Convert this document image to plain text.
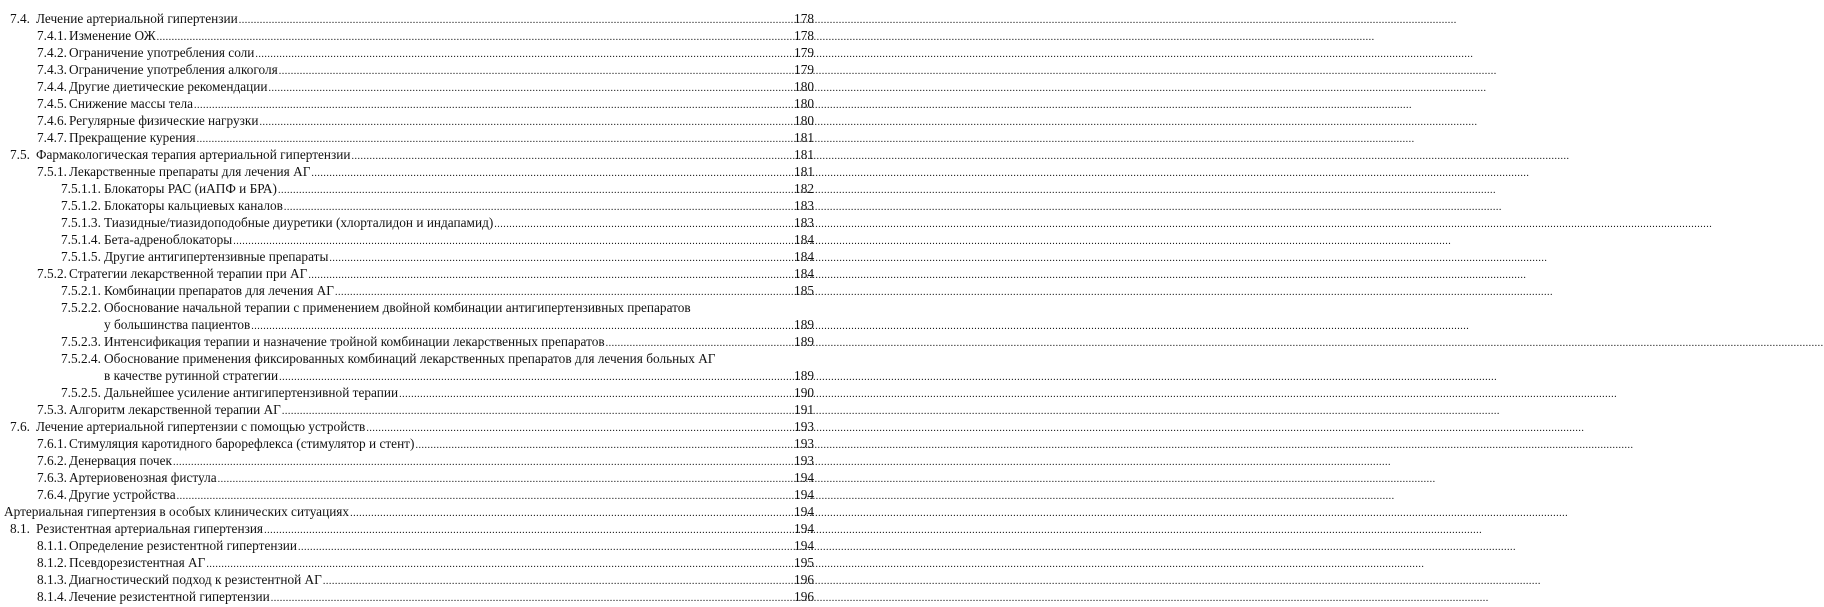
7.4. Лечение артериальной гипертензии .....	178
7.4.1. Изменение ОЖ .....	178
7.4.2. Ограничение употребления соли .....	179
7.4.3. Ограничение употребления алкоголя .....	179
7.4.4. Другие диетические рекомендации .....	180
7.4.5. Снижение массы тела .....	180
7.4.6. Регулярные физические нагрузки .....	180
7.4.7. Прекращение курения .....	181
7.5. Фармакологическая терапия артериальной гипертензии .....	181
7.5.1. Лекарственные препараты для лечения АГ .....	181
7.5.1.1. Блокаторы РАС (иАПФ и БРА) .....	182
7.5.1.2. Блокаторы кальциевых каналов .....	183
7.5.1.3. Тиазидные/тиазидоподобные диуретики (хлорталидон и индапамид) .....	183
7.5.1.4. Бета-адреноблокаторы .....	184
7.5.1.5. Другие антигипертензивные препараты .....	184
7.5.2. Стратегии лекарственной терапии при АГ .....	184
7.5.2.1. Комбинации препаратов для лечения АГ .....	185
7.5.2.2. Обоснование начальной терапии с применением двойной комбинации антигипертензивных препаратов
у большинства пациентов .....	189
7.5.2.3. Интенсификация терапии и назначение тройной комбинации лекарственных препаратов .....	189
7.5.2.4. Обоснование применения фиксированных комбинаций лекарственных препаратов для лечения больных АГ
в качестве рутинной стратегии .....	189
7.5.2.5. Дальнейшее усиление антигипертензивной терапии .....	190
7.5.3. Алгоритм лекарственной терапии АГ .....	191
7.6. Лечение артериальной гипертензии с помощью устройств .....	193
7.6.1. Стимуляция каротидного барорефлекса (стимулятор и стент) .....	193
7.6.2. Денервация почек .....	193
7.6.3. Артериовенозная фистула .....	194
7.6.4. Другие устройства .....	194
Артериальная гипертензия в особых клинических ситуациях .....	194
8.1. Резистентная артериальная гипертензия .....	194
8.1.1. Определение резистентной гипертензии .....	194
8.1.2. Псевдорезистентная АГ .....	195
8.1.3. Диагностический подход к резистентной АГ .....	196
8.1.4. Лечение резистентной гипертензии .....	196
